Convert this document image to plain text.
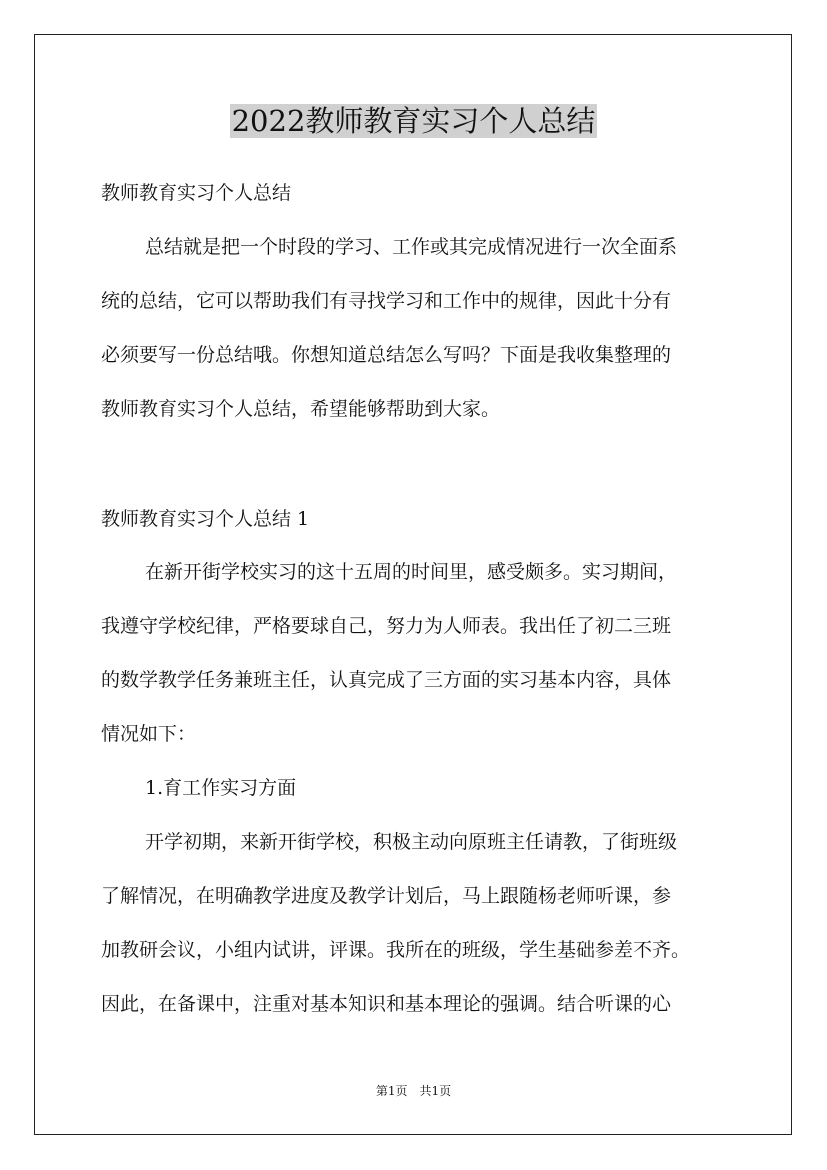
2022教师教育实习个人总结
教师教育实习个人总结
总结就是把一个时段的学习、工作或其完成情况进行一次全面系
统的总结，它可以帮助我们有寻找学习和工作中的规律，因此十分有
必须要写一份总结哦。你想知道总结怎么写吗？下面是我收集整理的
教师教育实习个人总结，希望能够帮助到大家。
教师教育实习个人总结 1
在新开街学校实习的这十五周的时间里，感受颇多。实习期间，
我遵守学校纪律，严格要球自己，努力为人师表。我出任了初二三班
的数学教学任务兼班主任，认真完成了三方面的实习基本内容，具体
情况如下：
1.育工作实习方面
开学初期，来新开街学校，积极主动向原班主任请教，了街班级
了解情况，在明确教学进度及教学计划后，马上跟随杨老师听课，参
加教研会议，小组内试讲，评课。我所在的班级，学生基础参差不齐。
因此，在备课中，注重对基本知识和基本理论的强调。结合听课的心
第1页　共1页
